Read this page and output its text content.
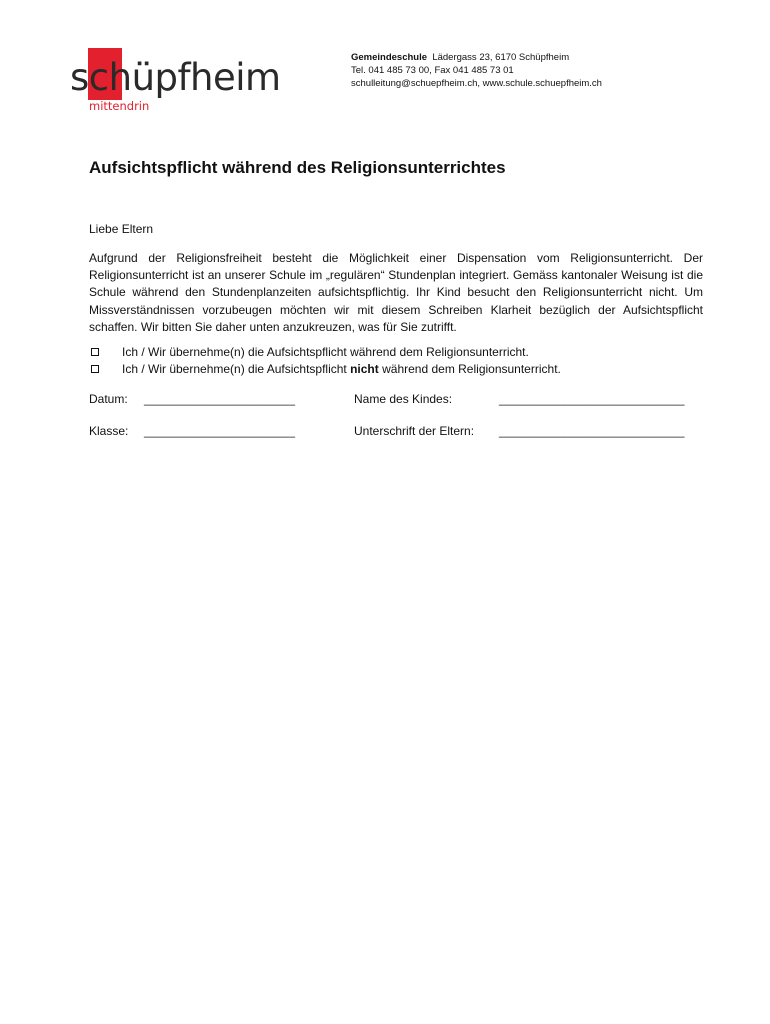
schüpfheim
mittendrin
Gemeindeschule Lädergass 23, 6170 Schüpfheim
Tel. 041 485 73 00, Fax 041 485 73 01
schulleitung@schuepfheim.ch, www.schule.schuepfheim.ch
Aufsichtspflicht während des Religionsunterrichtes
Liebe Eltern

Aufgrund der Religionsfreiheit besteht die Möglichkeit einer Dispensation vom Religionsunterricht. Der Religionsunterricht ist an unserer Schule im „regulären“ Stundenplan integriert. Gemäss kantonaler Weisung ist die Schule während den Stundenplanzeiten aufsichtspflichtig. Ihr Kind besucht den Religionsunterricht nicht. Um Missverständnissen vorzubeugen möchten wir mit diesem Schreiben Klarheit bezüglich der Aufsichtspflicht schaffen. Wir bitten Sie daher unten anzukreuzen, was für Sie zutrifft.

Ich / Wir übernehme(n) die Aufsichtspflicht während dem Religionsunterricht.
Ich / Wir übernehme(n) die Aufsichtspflicht nicht während dem Religionsunterricht.
Datum: ______________________	Name des Kindes:	___________________________
Klasse: ______________________	Unterschrift der Eltern: ___________________________
